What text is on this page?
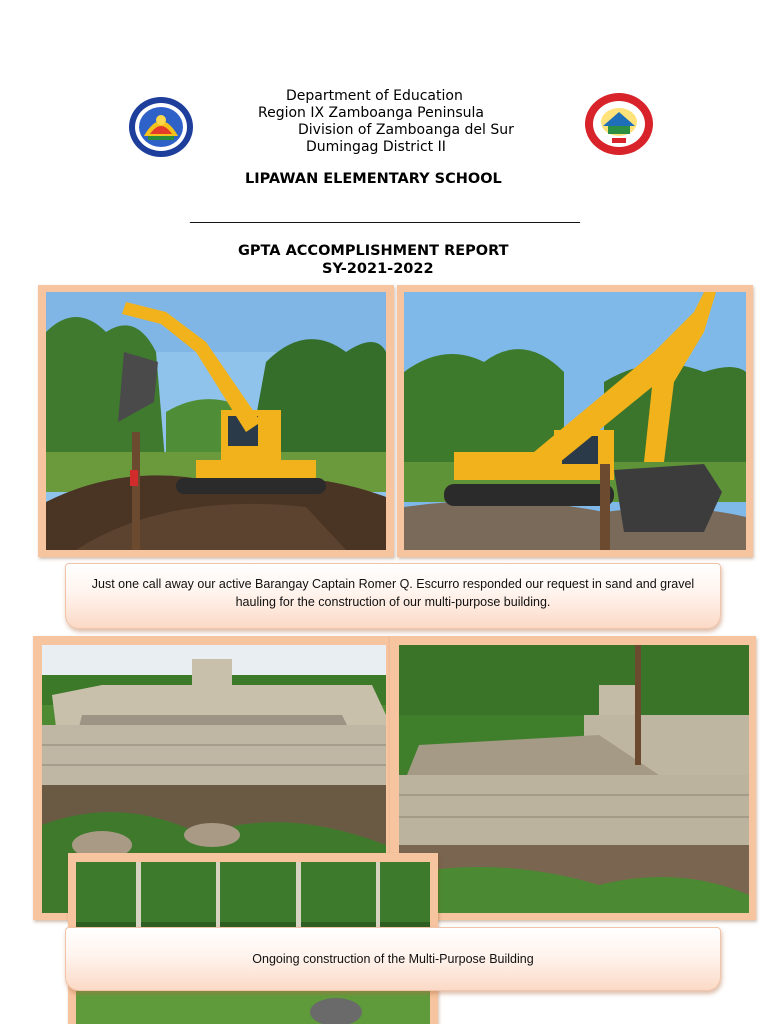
Department of Education
Region IX Zamboanga Peninsula
Division of Zamboanga del Sur
Dumingag District II
LIPAWAN ELEMENTARY SCHOOL
____________________________________________________________
GPTA ACCOMPLISHMENT REPORT
SY-2021-2022
Just one call away our active Barangay Captain Romer Q. Escurro responded our request in sand and gravel hauling for the construction of our multi-purpose building.
Ongoing construction of the Multi-Purpose Building
